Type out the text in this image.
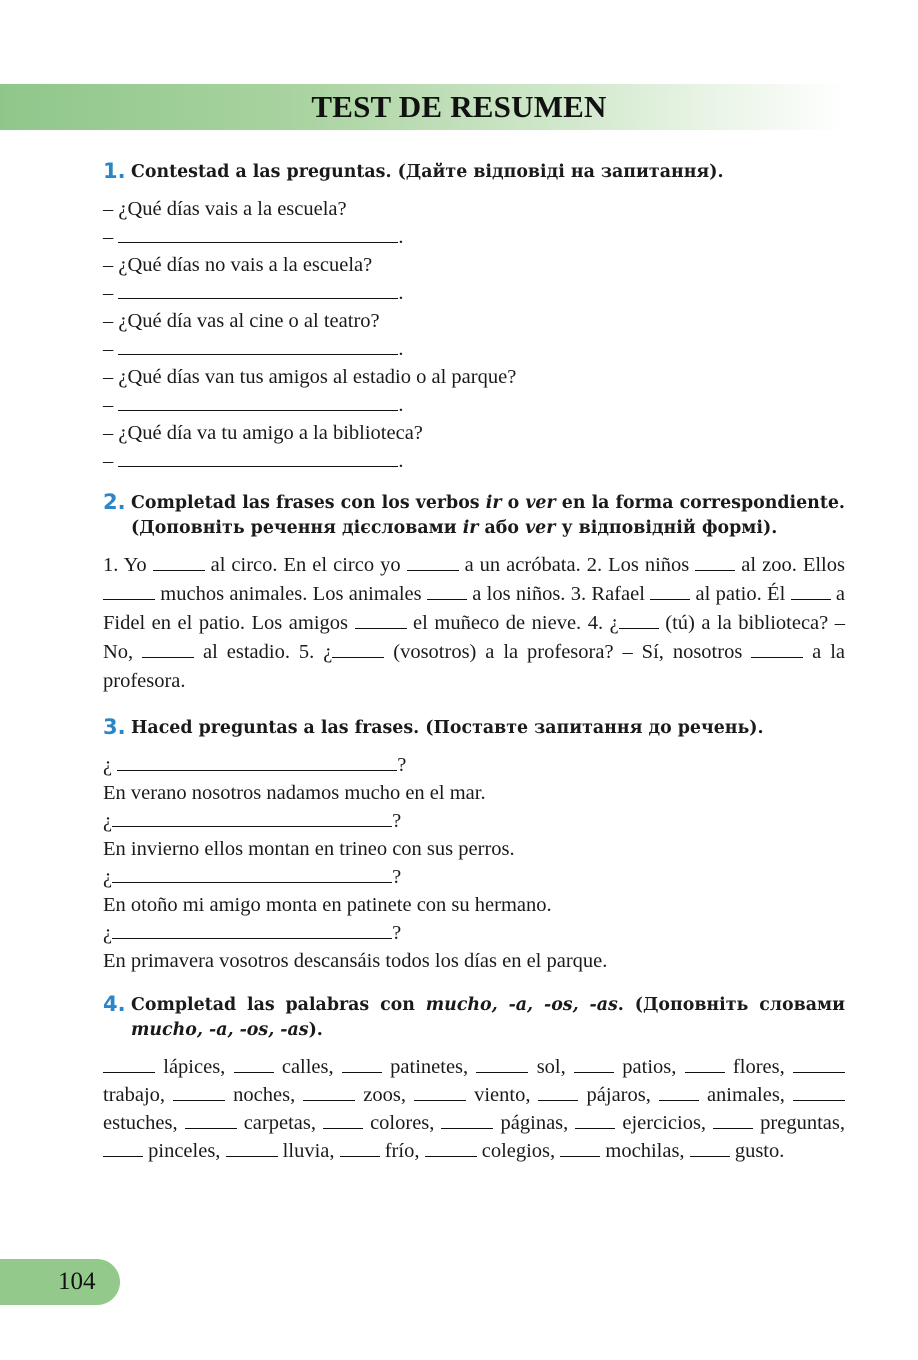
TEST DE RESUMEN
1. Contestad a las preguntas. (Дайте відповіді на запитання).
– ¿Qué días vais a la escuela?
–	.
– ¿Qué días no vais a la escuela?
–	.
– ¿Qué día vas al cine o al teatro?
–	.
– ¿Qué días van tus amigos al estadio o al parque?
–	.
– ¿Qué día va tu amigo a la biblioteca?
–	.
2. Completad las frases con los verbos ir o ver en la forma correspondiente. (Доповніть речення дієсловами ir або ver у відповідній формі).
1. Yo	al circo. En el circo yo	a un acróbata. 2. Los niños  al zoo. Ellos  muchos animales. Los animales  a los niños. 3. Rafael  al patio. Él  a Fidel en el patio. Los amigos	el muñeco de nieve. 4. ¿ (tú) a la biblioteca? – No,	al estadio. 5. ¿	(vosotros) a la profesora? – Sí, nosotros	a la profesora.
3. Haced preguntas a las frases. (Поставте запитання до речень).
¿	?
En verano nosotros nadamos mucho en el mar.
¿	?
En invierno ellos montan en trineo con sus perros.
¿	?
En otoño mi amigo monta en patinete con su hermano.
¿	?
En primavera vosotros descansáis todos los días en el parque.
4. Completad las palabras con mucho, -a, -os, -as. (Доповніть словами mucho, -a, -os, -as).
lápices,  calles,  patinetes,	sol,  patios,  flores,  trabajo,	noches,	zoos,	viento,  pájaros,  animales,  estuches,	carpetas,  colores,	páginas,  ejercicios,  preguntas,  pinceles,	lluvia,  frío,	colegios,  mochilas,  gusto.
104
